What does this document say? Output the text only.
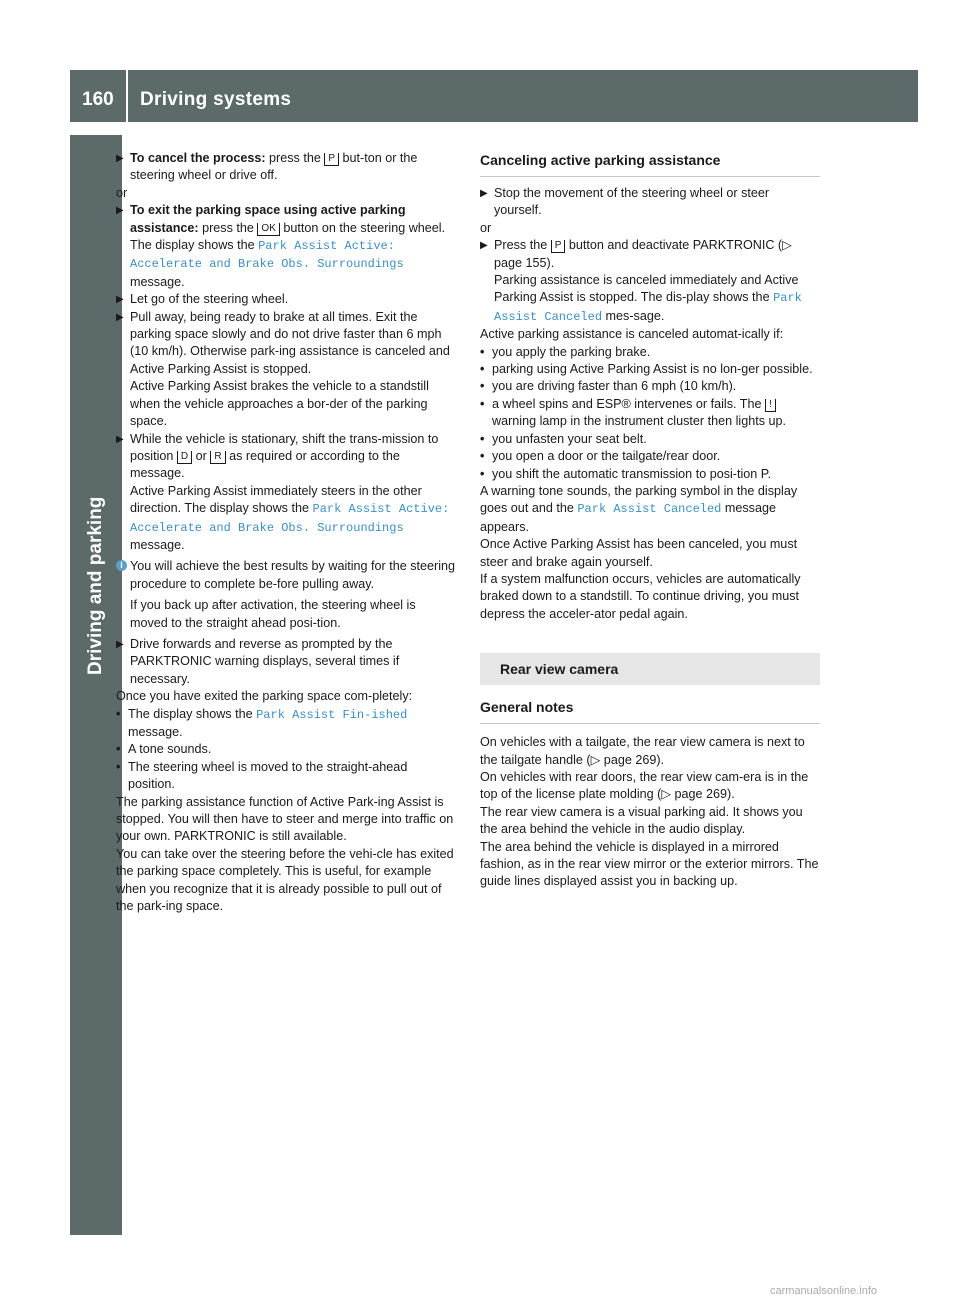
160 Driving systems
Driving and parking
▶ To cancel the process: press the P but-ton or the steering wheel or drive off.

or

▶ To exit the parking space using active parking assistance: press the OK button on the steering wheel.
The display shows the Park Assist Active: Accelerate and Brake Obs. Surroundings message.
▶ Let go of the steering wheel.
▶ Pull away, being ready to brake at all times. Exit the parking space slowly and do not drive faster than 6 mph (10 km/h). Otherwise park-ing assistance is canceled and Active Parking Assist is stopped.
Active Parking Assist brakes the vehicle to a standstill when the vehicle approaches a bor-der of the parking space.
▶ While the vehicle is stationary, shift the trans-mission to position D or R as required or according to the message.
Active Parking Assist immediately steers in the other direction. The display shows the Park Assist Active: Accelerate and Brake Obs. Surroundings message.
i You will achieve the best results by waiting for the steering procedure to complete be-fore pulling away.
If you back up after activation, the steering wheel is moved to the straight ahead posi-tion.
▶ Drive forwards and reverse as prompted by the PARKTRONIC warning displays, several times if necessary.

Once you have exited the parking space com-pletely:

• The display shows the Park Assist Fin-ished message.
• A tone sounds.
• The steering wheel is moved to the straight-ahead position.

The parking assistance function of Active Park-ing Assist is stopped. You will then have to steer and merge into traffic on your own. PARKTRONIC is still available.

You can take over the steering before the vehi-cle has exited the parking space completely. This is useful, for example when you recognize that it is already possible to pull out of the park-ing space.

Canceling active parking assistance
▶ Stop the movement of the steering wheel or steer yourself.

or

▶ Press the P button and deactivate PARKTRONIC (▷ page 155).
Parking assistance is canceled immediately and Active Parking Assist is stopped. The dis-play shows the Park Assist Canceled mes-sage.

Active parking assistance is canceled automat-ically if:

• you apply the parking brake.
• parking using Active Parking Assist is no lon-ger possible.
• you are driving faster than 6 mph (10 km/h).
• a wheel spins and ESP® intervenes or fails. The ! warning lamp in the instrument cluster then lights up.
• you unfasten your seat belt.
• you open a door or the tailgate/rear door.
• you shift the automatic transmission to posi-tion P.

A warning tone sounds, the parking symbol in the display goes out and the Park Assist Canceled message appears.

Once Active Parking Assist has been canceled, you must steer and brake again yourself.

If a system malfunction occurs, vehicles are automatically braked down to a standstill. To continue driving, you must depress the acceler-ator pedal again.

Rear view camera
General notes

On vehicles with a tailgate, the rear view camera is next to the tailgate handle (▷ page 269).

On vehicles with rear doors, the rear view cam-era is in the top of the license plate molding (▷ page 269).

The rear view camera is a visual parking aid. It shows you the area behind the vehicle in the audio display.

The area behind the vehicle is displayed in a mirrored fashion, as in the rear view mirror or the exterior mirrors. The guide lines displayed assist you in backing up.

carmanualsonline.info
